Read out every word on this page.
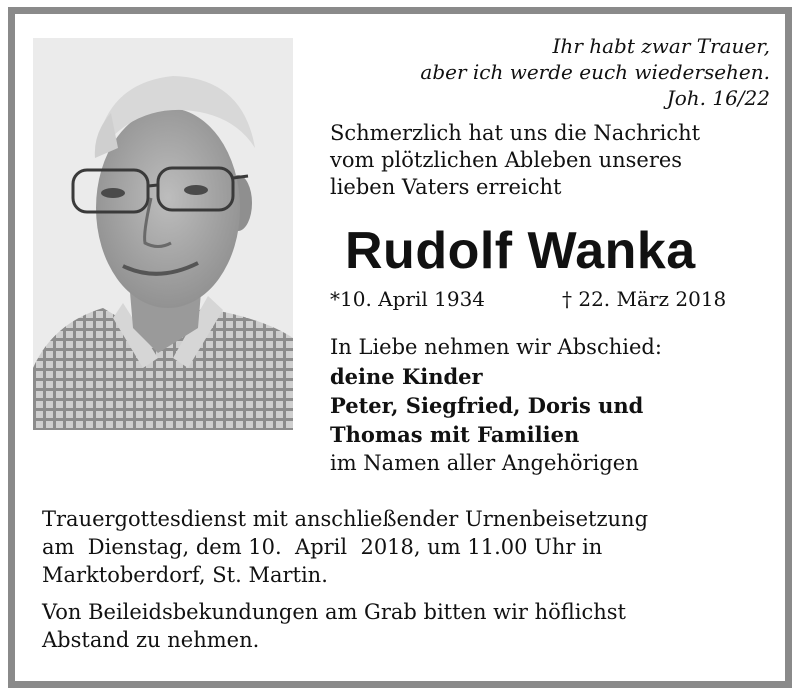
Ihr habt zwar Trauer,
aber ich werde euch wiedersehen.
Joh. 16/22
Schmerzlich hat uns die Nachricht
vom plötzlichen Ableben unseres
lieben Vaters erreicht
Rudolf Wanka
*10. April 1934	† 22. März 2018
In Liebe nehmen wir Abschied:
deine Kinder
Peter, Siegfried, Doris und
Thomas mit Familien
im Namen aller Angehörigen
Trauergottesdienst mit anschließender Urnenbeisetzung
am  Dienstag, dem 10.  April  2018, um 11.00 Uhr in
Marktoberdorf, St. Martin.
Von Beileidsbekundungen am Grab bitten wir höflichst
Abstand zu nehmen.
